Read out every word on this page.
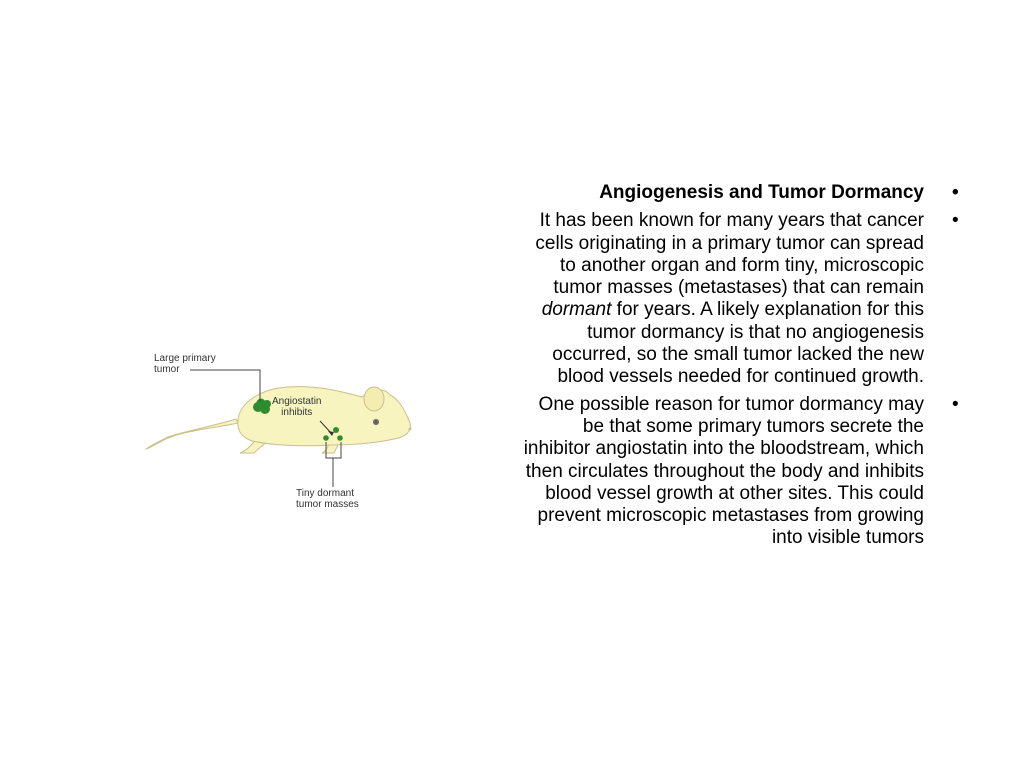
Large primary
tumor
Angiostatin
inhibits
Tiny dormant
tumor masses
Angiogenesis and Tumor Dormancy •
It has been known for many years that cancer cells originating in a primary tumor can spread to another organ and form tiny, microscopic tumor masses (metastases) that can remain dormant for years. A likely explanation for this tumor dormancy is that no angiogenesis occurred, so the small tumor lacked the new blood vessels needed for continued growth.
•
One possible reason for tumor dormancy may be that some primary tumors secrete the inhibitor angiostatin into the bloodstream, which then circulates throughout the body and inhibits blood vessel growth at other sites. This could prevent microscopic metastases from growing into visible tumors
•
